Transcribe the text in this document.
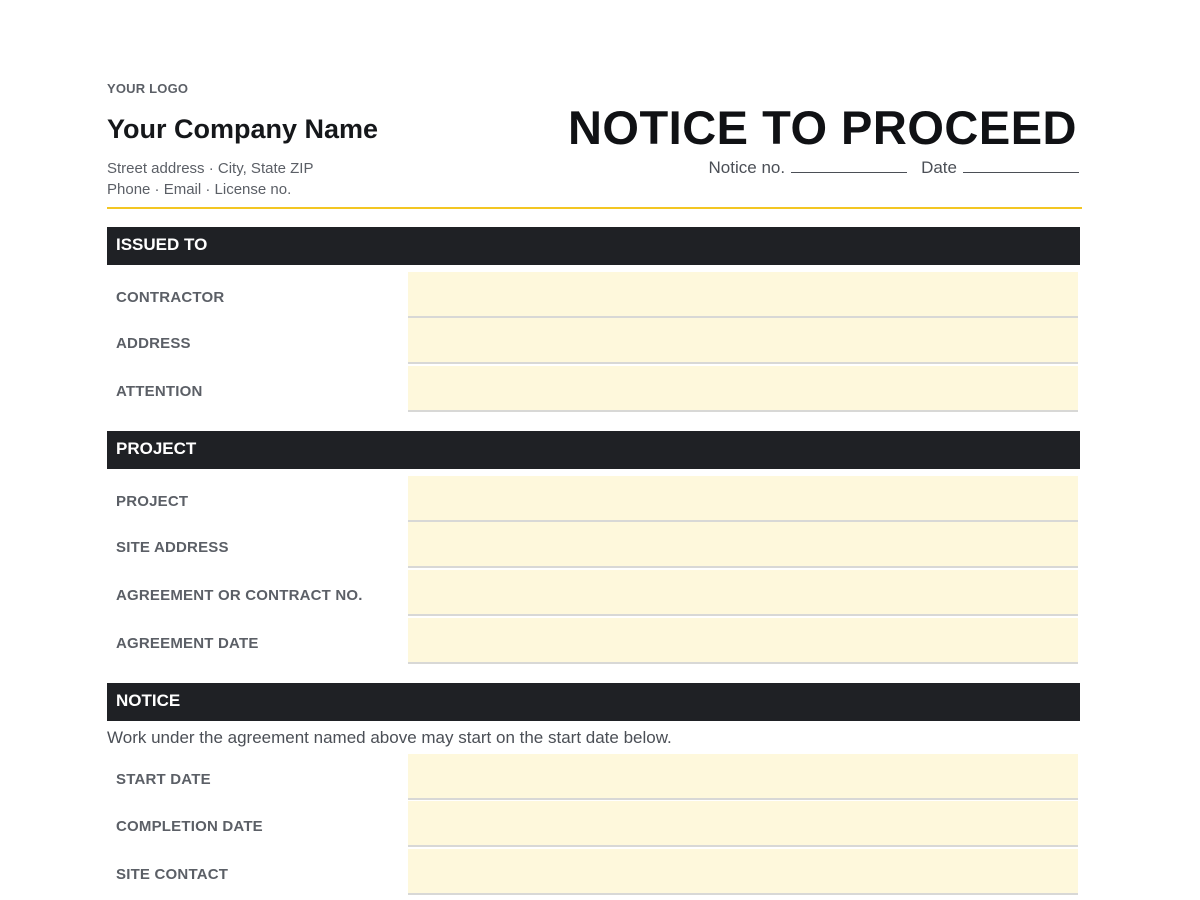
YOUR LOGO
Your Company Name
Street address · City, State ZIP
Phone · Email · License no.
NOTICE TO PROCEED
Notice no.	Date
ISSUED TO
CONTRACTOR
ADDRESS
ATTENTION
PROJECT
PROJECT
SITE ADDRESS
AGREEMENT OR CONTRACT NO.
AGREEMENT DATE
NOTICE
Work under the agreement named above may start on the start date below.
START DATE
COMPLETION DATE
SITE CONTACT
